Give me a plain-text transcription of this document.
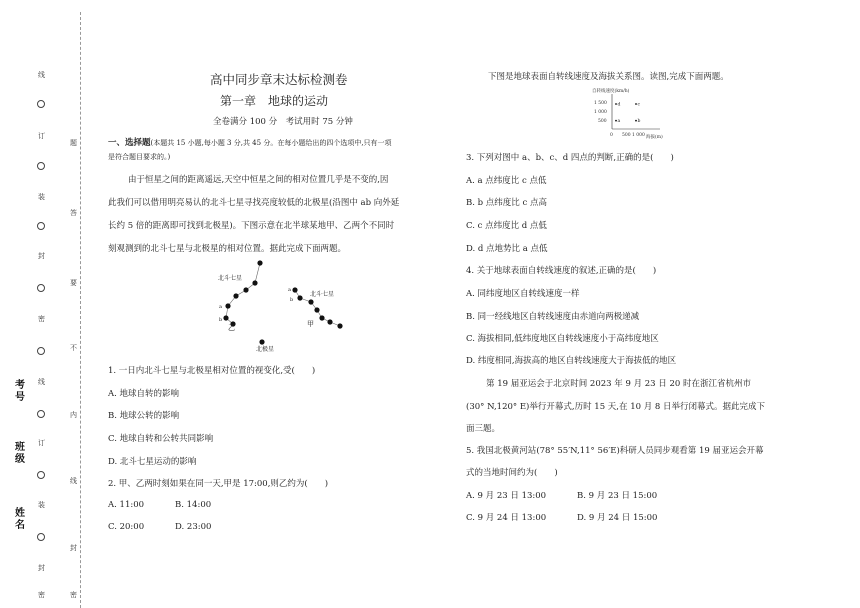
线
订
装
封
密
线
订
装
封
密
题
答
要
不
内
线
封
密
考号
班级
姓名
高中同步章末达标检测卷
第一章　地球的运动
全卷满分 100 分　考试用时 75 分钟
一、选择题(本题共 15 小题,每小题 3 分,共 45 分。在每小题给出的四个选项中,只有一项
是符合题目要求的。)
由于恒星之间的距离遥远,天空中恒星之间的相对位置几乎是不变的,因
此我们可以借用明亮易认的北斗七星寻找亮度较低的北极星(沿图中 ab 向外延
长约 5 倍的距离即可找到北极星)。下图示意在北半球某地甲、乙两个不同时
刻观测到的北斗七星与北极星的相对位置。据此完成下面两题。
北斗七星
北斗七星
乙	甲
北极星
a
b
a
b
1. 一日内北斗七星与北极星相对位置的视变化,受(　　)
A. 地球自转的影响
B. 地球公转的影响
C. 地球自转和公转共同影响
D. 北斗七星运动的影响
2. 甲、乙两时刻如果在同一天,甲是 17:00,则乙约为(　　)
A. 11:00	B. 14:00
C. 20:00	D. 23:00
下图是地球表面自转线速度及海拔关系图。读图,完成下面两题。
自转线速度(km/h)
1 500
1 000
500
0 500 1 000 海拔(m)
a	b
c
d
3. 下列对图中 a、b、c、d 四点的判断,正确的是(　　)
A. a 点纬度比 c 点低
B. b 点纬度比 c 点高
C. c 点纬度比 d 点低
D. d 点地势比 a 点低
4. 关于地球表面自转线速度的叙述,正确的是(　　)
A. 同纬度地区自转线速度一样
B. 同一经线地区自转线速度由赤道向两极递减
C. 海拔相同,低纬度地区自转线速度小于高纬度地区
D. 纬度相同,海拔高的地区自转线速度大于海拔低的地区
第 19 届亚运会于北京时间 2023 年 9 月 23 日 20 时在浙江省杭州市
(30° N,120° E)举行开幕式,历时 15 天,在 10 月 8 日举行闭幕式。据此完成下
面三题。
5. 我国北极黄河站(78° 55′N,11° 56′E)科研人员同步观看第 19 届亚运会开幕
式的当地时间约为(　　)
A. 9 月 23 日 13:00	B. 9 月 23 日 15:00
C. 9 月 24 日 13:00	D. 9 月 24 日 15:00
